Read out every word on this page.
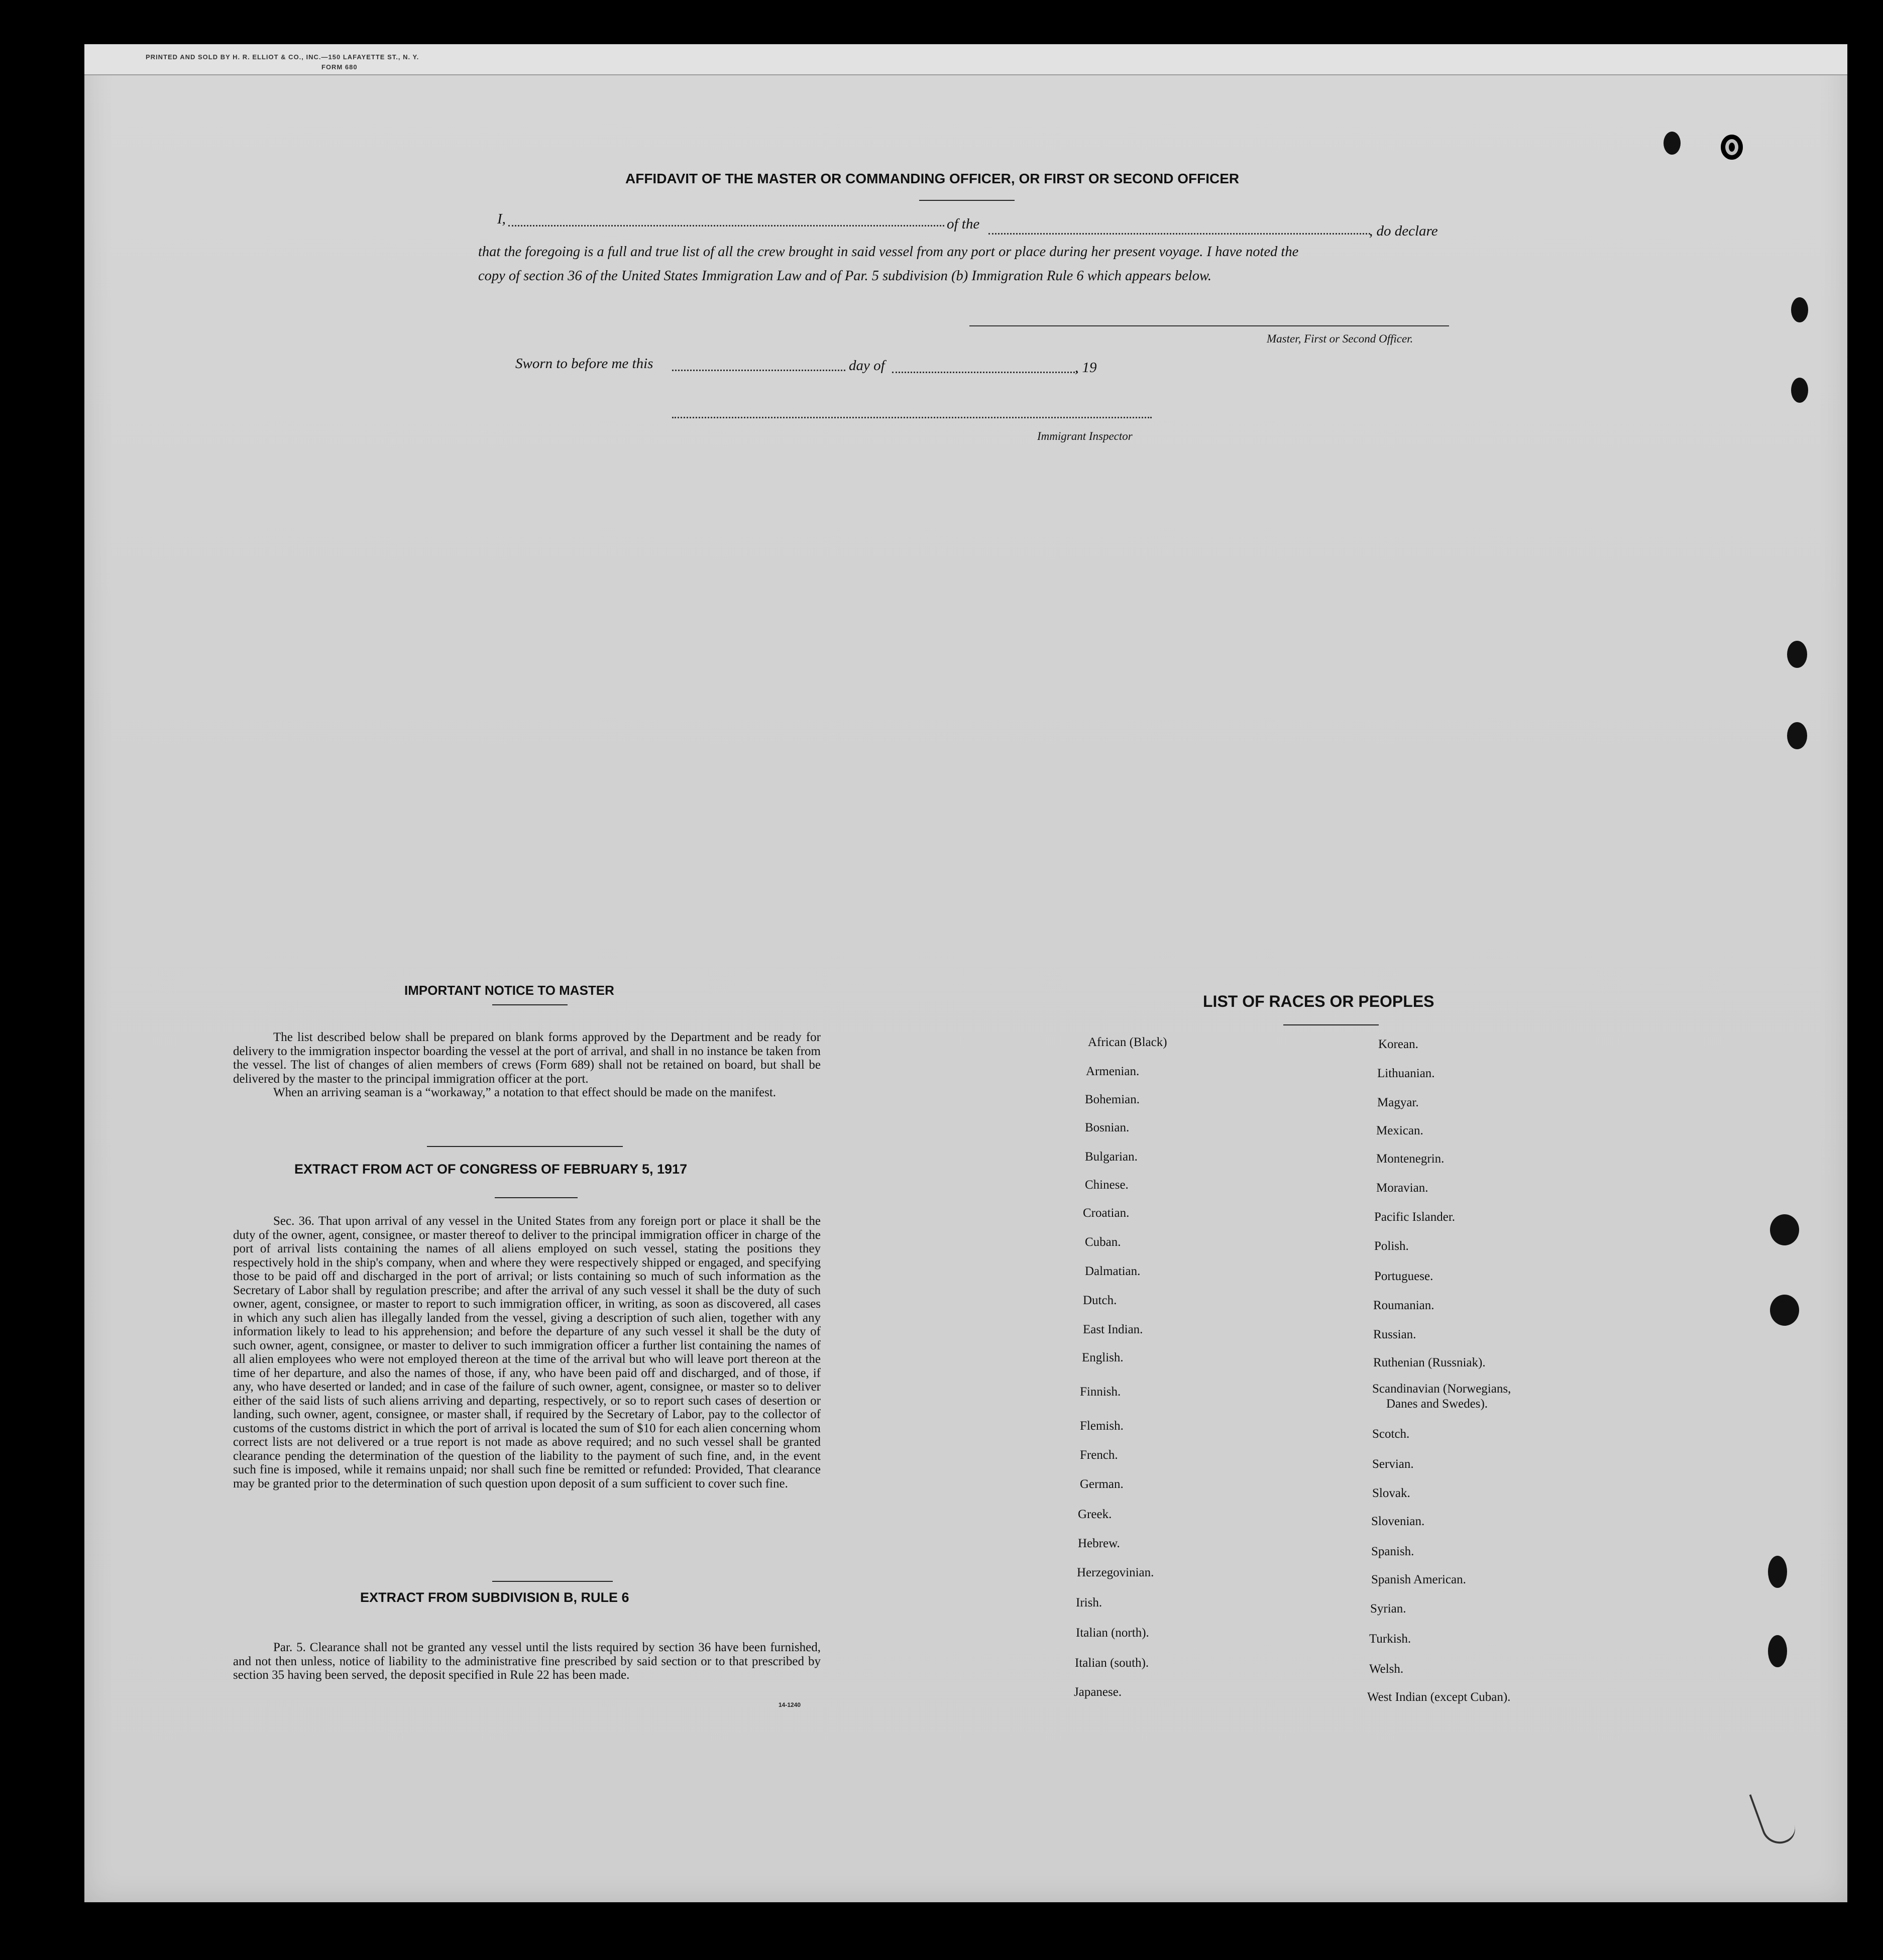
PRINTED AND SOLD BY H. R. ELLIOT & CO., INC.—150 LAFAYETTE ST., N. Y.
FORM 680
AFFIDAVIT OF THE MASTER OR COMMANDING OFFICER, OR FIRST OR SECOND OFFICER
I,	of the	, do declare
that the foregoing is a full and true list of all the crew brought in said vessel from any port or place during her present voyage. I have noted the
copy of section 36 of the United States Immigration Law and of Par. 5 subdivision (b) Immigration Rule 6 which appears below.
Master, First or Second Officer.
Sworn to before me this	day of	, 19
Immigrant Inspector
IMPORTANT NOTICE TO MASTER

The list described below shall be prepared on blank forms approved by the Department and be ready for delivery to the immigration inspector boarding the vessel at the port of arrival, and shall in no instance be taken from the vessel. The list of changes of alien members of crews (Form 689) shall not be retained on board, but shall be delivered by the master to the principal immigration officer at the port.

When an arriving seaman is a “workaway,” a notation to that effect should be made on the manifest.

EXTRACT FROM ACT OF CONGRESS OF FEBRUARY 5, 1917

Sec. 36. That upon arrival of any vessel in the United States from any foreign port or place it shall be the duty of the owner, agent, consignee, or master thereof to deliver to the principal immigration officer in charge of the port of arrival lists containing the names of all aliens employed on such vessel, stating the positions they respectively hold in the ship's company, when and where they were respectively shipped or engaged, and specifying those to be paid off and discharged in the port of arrival; or lists containing so much of such information as the Secretary of Labor shall by regulation prescribe; and after the arrival of any such vessel it shall be the duty of such owner, agent, consignee, or master to report to such immigration officer, in writing, as soon as discovered, all cases in which any such alien has illegally landed from the vessel, giving a description of such alien, together with any information likely to lead to his apprehension; and before the departure of any such vessel it shall be the duty of such owner, agent, consignee, or master to deliver to such immigration officer a further list containing the names of all alien employees who were not employed thereon at the time of the arrival but who will leave port thereon at the time of her departure, and also the names of those, if any, who have been paid off and discharged, and of those, if any, who have deserted or landed; and in case of the failure of such owner, agent, consignee, or master so to deliver either of the said lists of such aliens arriving and departing, respectively, or so to report such cases of desertion or landing, such owner, agent, consignee, or master shall, if required by the Secretary of Labor, pay to the collector of customs of the customs district in which the port of arrival is located the sum of $10 for each alien concerning whom correct lists are not delivered or a true report is not made as above required; and no such vessel shall be granted clearance pending the determination of the question of the liability to the payment of such fine, and, in the event such fine is imposed, while it remains unpaid; nor shall such fine be remitted or refunded: Provided, That clearance may be granted prior to the determination of such question upon deposit of a sum sufficient to cover such fine.

EXTRACT FROM SUBDIVISION B, RULE 6

Par. 5. Clearance shall not be granted any vessel until the lists required by section 36 have been furnished, and not then unless, notice of liability to the administrative fine prescribed by said section or to that prescribed by section 35 having been served, the deposit specified in Rule 22 has been made.

14-1240
LIST OF RACES OR PEOPLES
African (Black)
Armenian.
Bohemian.
Bosnian.
Bulgarian.
Chinese.
Croatian.
Cuban.
Dalmatian.
Dutch.
East Indian.
English.
Finnish.
Flemish.
French.
German.
Greek.
Hebrew.
Herzegovinian.
Irish.
Italian (north).
Italian (south).
Japanese.
Korean.
Lithuanian.
Magyar.
Mexican.
Montenegrin.
Moravian.
Pacific Islander.
Polish.
Portuguese.
Roumanian.
Russian.
Ruthenian (Russniak).
Scandinavian (Norwegians,
Danes and Swedes).
Scotch.
Servian.
Slovak.
Slovenian.
Spanish.
Spanish American.
Syrian.
Turkish.
Welsh.
West Indian (except Cuban).
